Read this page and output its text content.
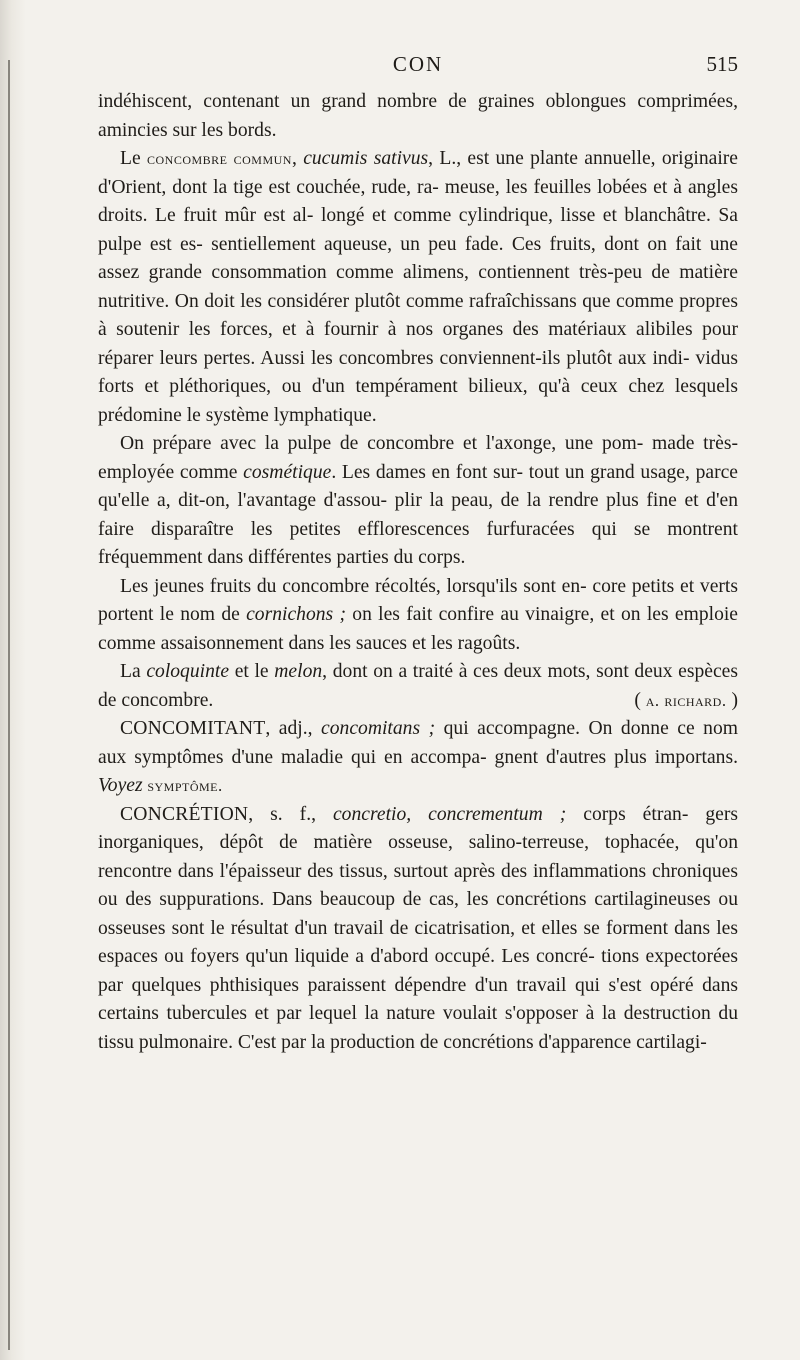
CON	515

indéhiscent, contenant un grand nombre de graines oblongues comprimées, amincies sur les bords.

Le concombre commun, cucumis sativus, L., est une plante annuelle, originaire d'Orient, dont la tige est couchée, rude, ra- meuse, les feuilles lobées et à angles droits. Le fruit mûr est al- longé et comme cylindrique, lisse et blanchâtre. Sa pulpe est es- sentiellement aqueuse, un peu fade. Ces fruits, dont on fait une assez grande consommation comme alimens, contiennent très-peu de matière nutritive. On doit les considérer plutôt comme rafraîchissans que comme propres à soutenir les forces, et à fournir à nos organes des matériaux alibiles pour réparer leurs pertes. Aussi les concombres conviennent-ils plutôt aux indi- vidus forts et pléthoriques, ou d'un tempérament bilieux, qu'à ceux chez lesquels prédomine le système lymphatique.

On prépare avec la pulpe de concombre et l'axonge, une pom- made très-employée comme cosmétique. Les dames en font sur- tout un grand usage, parce qu'elle a, dit-on, l'avantage d'assou- plir la peau, de la rendre plus fine et d'en faire disparaître les petites efflorescences furfuracées qui se montrent fréquemment dans différentes parties du corps.

Les jeunes fruits du concombre récoltés, lorsqu'ils sont en- core petits et verts portent le nom de cornichons ; on les fait confire au vinaigre, et on les emploie comme assaisonnement dans les sauces et les ragoûts.

La coloquinte et le melon, dont on a traité à ces deux mots, sont deux espèces de concombre.	( a. richard. )

CONCOMITANT, adj., concomitans ; qui accompagne. On donne ce nom aux symptômes d'une maladie qui en accompa- gnent d'autres plus importans. Voyez symptôme.

CONCRÉTION, s. f., concretio, concrementum ; corps étran- gers inorganiques, dépôt de matière osseuse, salino-terreuse, tophacée, qu'on rencontre dans l'épaisseur des tissus, surtout après des inflammations chroniques ou des suppurations. Dans beaucoup de cas, les concrétions cartilagineuses ou osseuses sont le résultat d'un travail de cicatrisation, et elles se forment dans les espaces ou foyers qu'un liquide a d'abord occupé. Les concré- tions expectorées par quelques phthisiques paraissent dépendre d'un travail qui s'est opéré dans certains tubercules et par lequel la nature voulait s'opposer à la destruction du tissu pulmonaire. C'est par la production de concrétions d'apparence cartilagi-
